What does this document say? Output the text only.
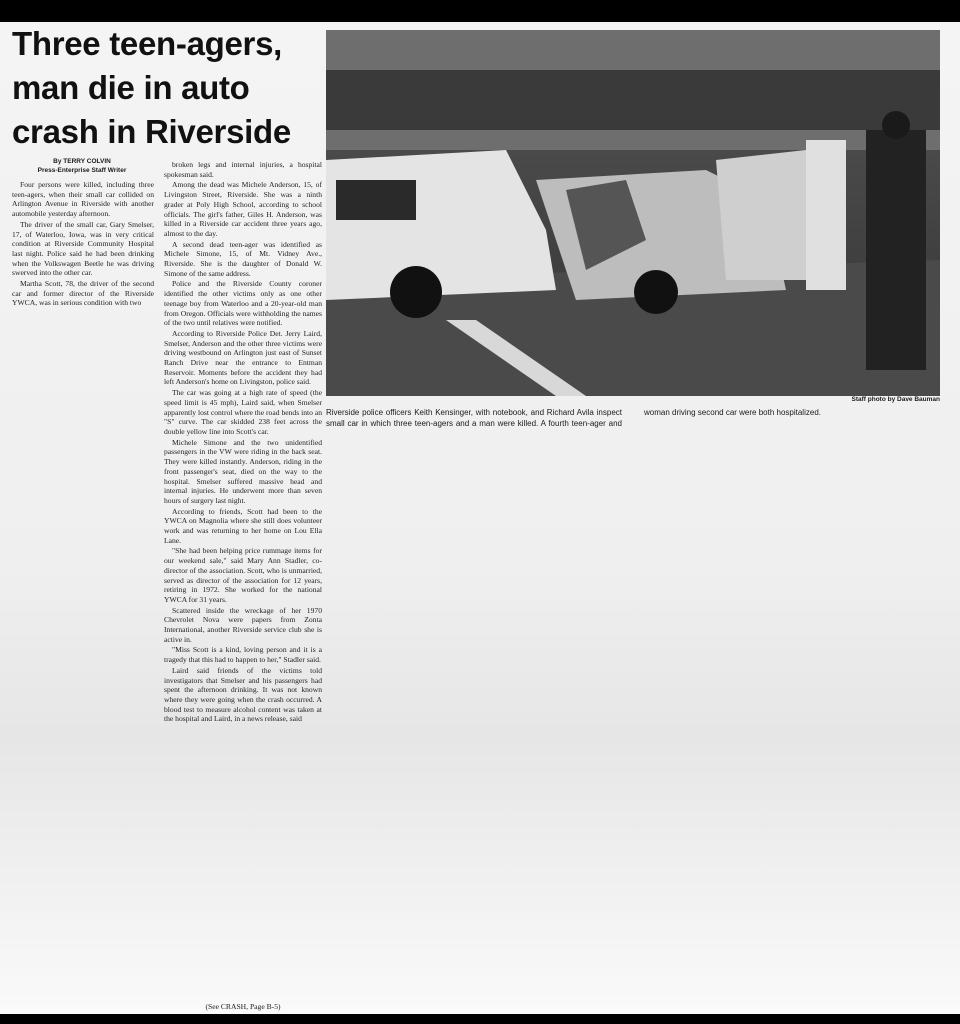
Three teen-agers,
man die in auto
crash in Riverside
By TERRY COLVIN
Press-Enterprise Staff Writer

Four persons were killed, including three teen-agers, when their small car collided on Arlington Avenue in Riverside with another automobile yesterday afternoon.

The driver of the small car, Gary Smelser, 17, of Waterloo, Iowa, was in very critical condition at Riverside Community Hospital last night. Police said he had been drinking when the Volkswagen Beetle he was driving swerved into the other car.

Martha Scott, 78, the driver of the second car and former director of the Riverside YWCA, was in serious condition with two

broken legs and internal injuries, a hospital spokesman said.

Among the dead was Michele Anderson, 15, of Livingston Street, Riverside. She was a ninth grader at Poly High School, according to school officials. The girl's father, Giles H. Anderson, was killed in a Riverside car accident three years ago, almost to the day.

A second dead teen-ager was identified as Michele Simone, 15, of Mt. Vidney Ave., Riverside. She is the daughter of Donald W. Simone of the same address.

Police and the Riverside County coroner identified the other victims only as one other teenage boy from Waterloo and a 20-year-old man from Oregon. Officials were withholding the names of the two until relatives were notified.

According to Riverside Police Det. Jerry Laird, Smelser, Anderson and the other three victims were driving westbound on Arlington just east of Sunset Ranch Drive near the entrance to Entman Reservoir. Moments before the accident they had left Anderson's home on Livingston, police said.

The car was going at a high rate of speed (the speed limit is 45 mph), Laird said, when Smelser apparently lost control where the road bends into an "S" curve. The car skidded 238 feet across the double yellow line into Scott's car.

Michele Simone and the two unidentified passengers in the VW were riding in the back seat. They were killed instantly. Anderson, riding in the front passenger's seat, died on the way to the hospital. Smelser suffered massive head and internal injuries. He underwent more than seven hours of surgery last night.

According to friends, Scott had been to the YWCA on Magnolia where she still does volunteer work and was returning to her home on Lou Ella Lane.

"She had been helping price rummage items for our weekend sale," said Mary Ann Stadler, co-director of the association. Scott, who is unmarried, served as director of the association for 12 years, retiring in 1972. She worked for the national YWCA for 31 years.

Scattered inside the wreckage of her 1970 Chevrolet Nova were papers from Zonta International, another Riverside service club she is active in.

"Miss Scott is a kind, loving person and it is a tragedy that this had to happen to her," Stadler said.

Laird said friends of the victims told investigators that Smelser and his passengers had spent the afternoon drinking. It was not known where they were going when the crash occurred. A blood test to measure alcohol content was taken at the hospital and Laird, in a news release, said

(See CRASH, Page B-5)
Staff photo by Dave Bauman
Riverside police officers Keith Kensinger, with notebook, and Richard Avila inspect small car in which three teen-agers and a man were killed. A fourth teen-ager and woman driving second car were both hospitalized.
